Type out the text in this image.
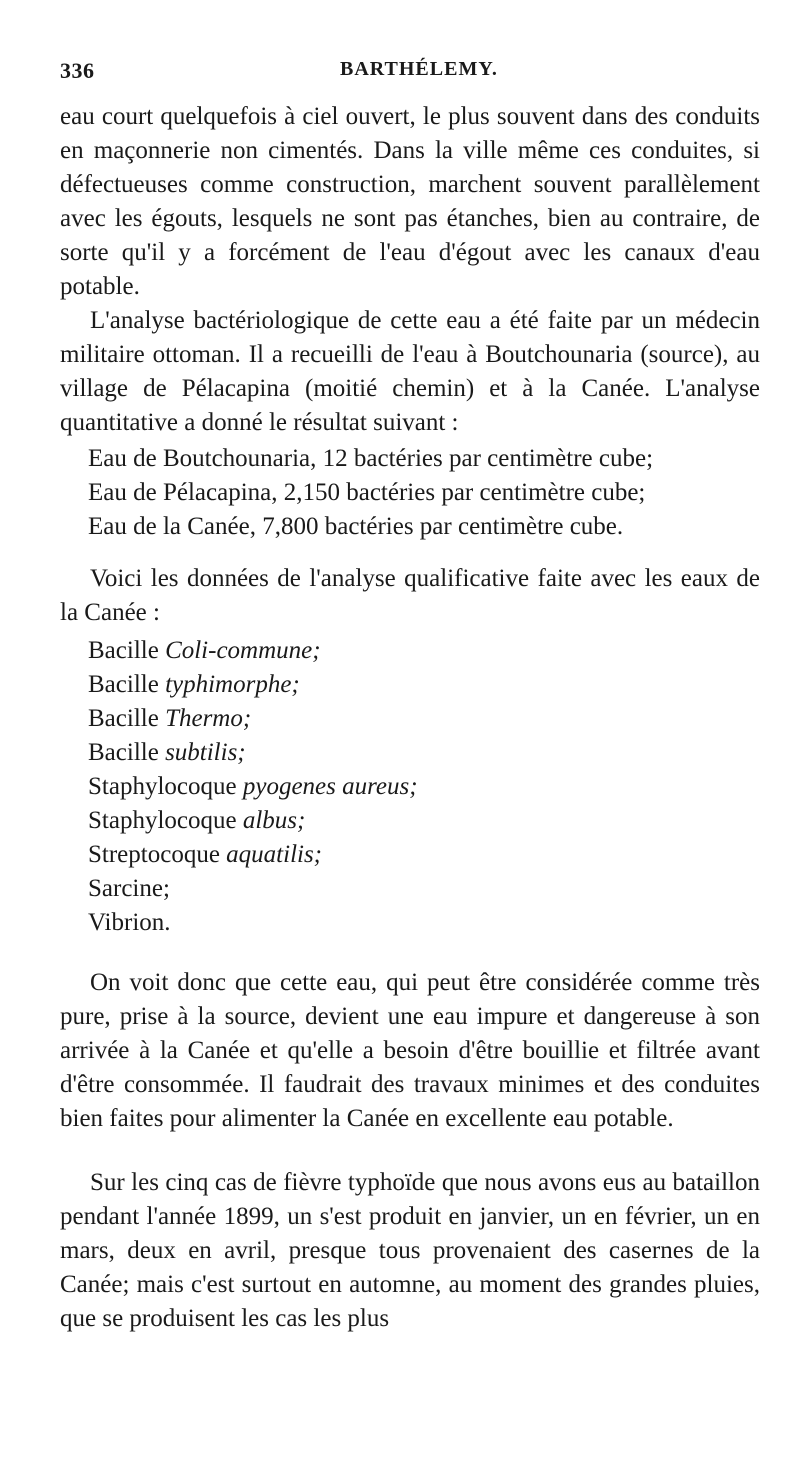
336	BARTHÉLEMY.

eau court quelquefois à ciel ouvert, le plus souvent dans des conduits en maçonnerie non cimentés. Dans la ville même ces conduites, si défectueuses comme construction, marchent souvent parallèlement avec les égouts, lesquels ne sont pas étanches, bien au contraire, de sorte qu'il y a forcément de l'eau d'égout avec les canaux d'eau potable.

L'analyse bactériologique de cette eau a été faite par un médecin militaire ottoman. Il a recueilli de l'eau à Boutchounaria (source), au village de Pélacapina (moitié chemin) et à la Canée. L'analyse quantitative a donné le résultat suivant :

Eau de Boutchounaria, 12 bactéries par centimètre cube;
Eau de Pélacapina, 2,150 bactéries par centimètre cube;
Eau de la Canée, 7,800 bactéries par centimètre cube.

Voici les données de l'analyse qualificative faite avec les eaux de la Canée :

Bacille Coli-commune;
Bacille typhimorphe;
Bacille Thermo;
Bacille subtilis;
Staphylocoque pyogenes aureus;
Staphylocoque albus;
Streptocoque aquatilis;
Sarcine;
Vibrion.

On voit donc que cette eau, qui peut être considérée comme très pure, prise à la source, devient une eau impure et dangereuse à son arrivée à la Canée et qu'elle a besoin d'être bouillie et filtrée avant d'être consommée. Il faudrait des travaux minimes et des conduites bien faites pour alimenter la Canée en excellente eau potable.

Sur les cinq cas de fièvre typhoïde que nous avons eus au bataillon pendant l'année 1899, un s'est produit en janvier, un en février, un en mars, deux en avril, presque tous provenaient des casernes de la Canée; mais c'est surtout en automne, au moment des grandes pluies, que se produisent les cas les plus
